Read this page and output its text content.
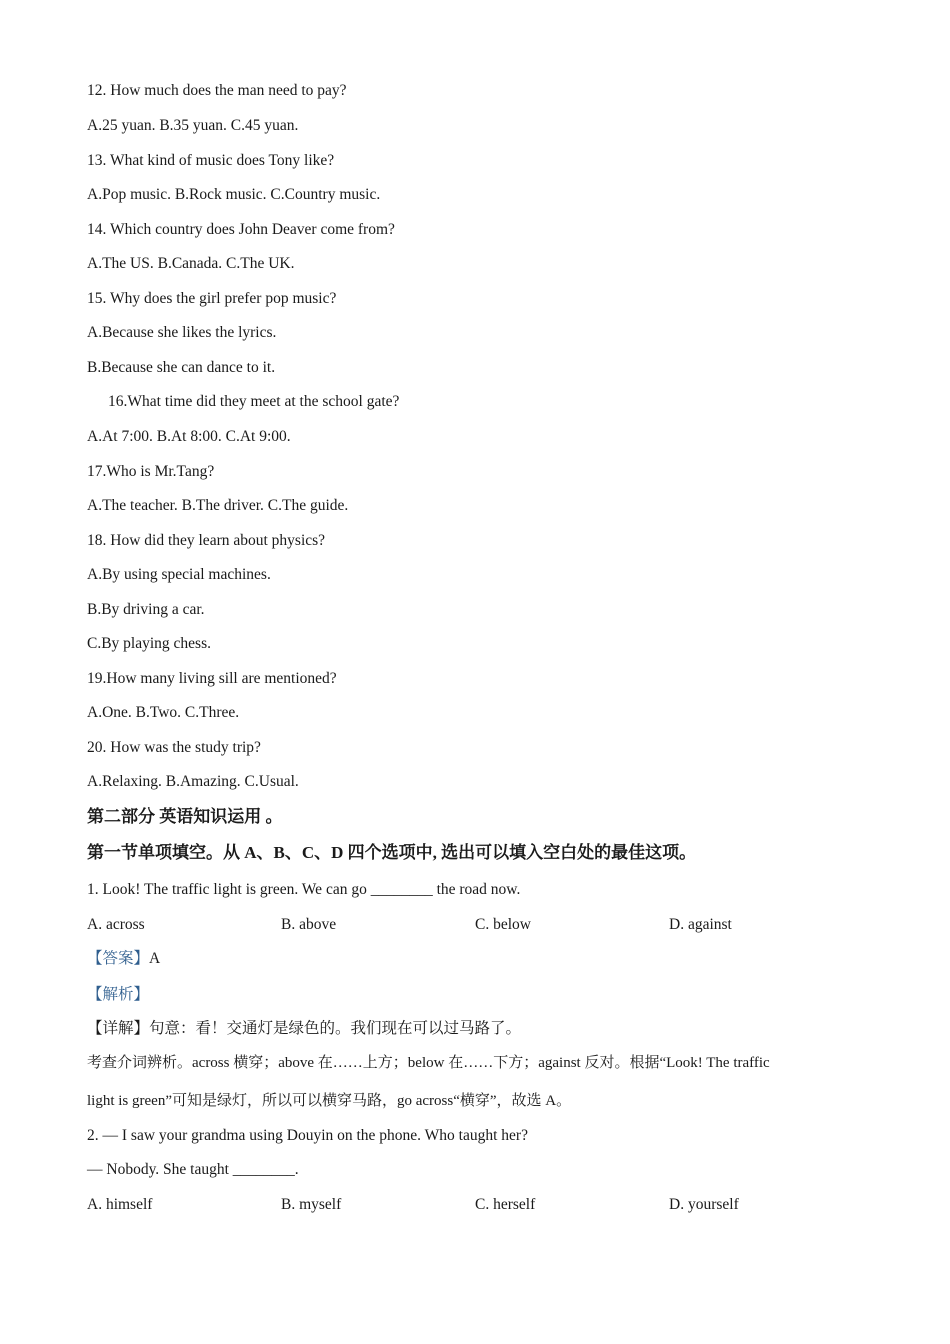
12. How much does the man need to pay?
A.25 yuan. B.35 yuan. C.45 yuan.
13. What kind of music does Tony like?
A.Pop music. B.Rock music. C.Country music.
14. Which country does John Deaver come from?
A.The US. B.Canada. C.The UK.
15. Why does the girl prefer pop music?
A.Because she likes the lyrics.
B.Because she can dance to it.
16.What time did they meet at the school gate?
A.At 7:00. B.At 8:00. C.At 9:00.
17.Who is Mr.Tang?
A.The teacher. B.The driver. C.The guide.
18. How did they learn about physics?
A.By using special machines.
B.By driving a car.
C.By playing chess.
19.How many living sill are mentioned?
A.One. B.Two. C.Three.
20. How was the study trip?
A.Relaxing. B.Amazing. C.Usual.
第二部分 英语知识运用 。
第一节单项填空。从 A、B、C、D 四个选项中, 选出可以填入空白处的最佳这项。
1. Look! The traffic light is green. We can go ________ the road now.
A. across	B. above	C. below	D. against
【答案】A
【解析】
【详解】句意：看！交通灯是绿色的。我们现在可以过马路了。
考查介词辨析。across 横穿；above 在……上方；below 在……下方；against 反对。根据“Look! The traffic
light is green”可知是绿灯，所以可以横穿马路，go across“横穿”，故选 A。
2. — I saw your grandma using Douyin on the phone. Who taught her?
— Nobody. She taught ________.
A. himself	B. myself	C. herself	D. yourself
